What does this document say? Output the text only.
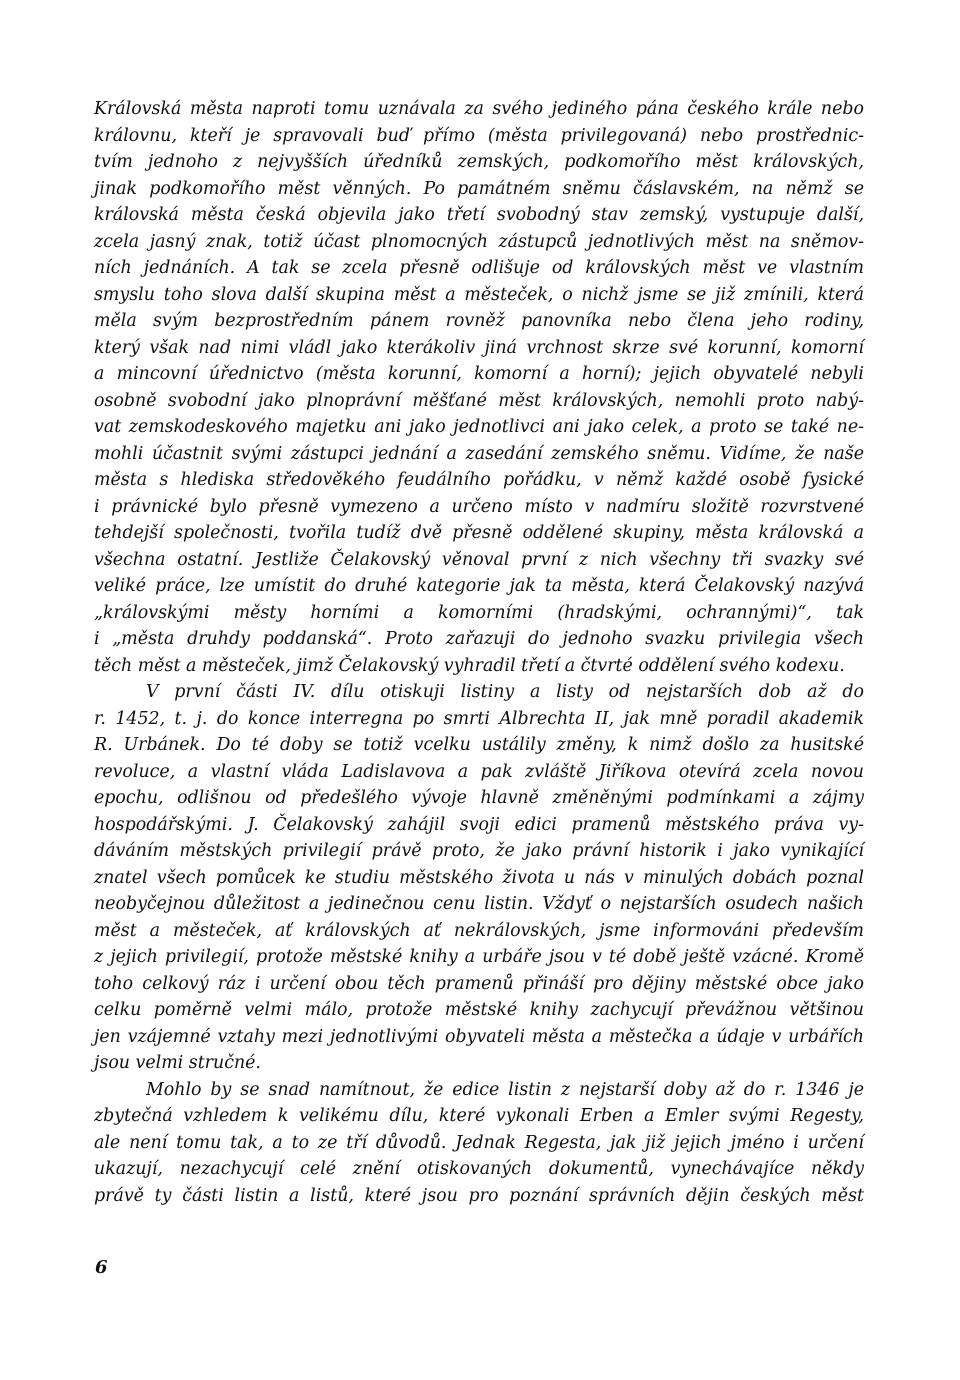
Královská města naproti tomu uznávala za svého jediného pána českého krále nebo
královnu, kteří je spravovali buď přímo (města privilegovaná) nebo prostřednic-
tvím jednoho z nejvyšších úředníků zemských, podkomořího měst královských,
jinak podkomořího měst věnných. Po památném sněmu čáslavském, na němž se
královská města česká objevila jako třetí svobodný stav zemský, vystupuje další,
zcela jasný znak, totiž účast plnomocných zástupců jednotlivých měst na sněmov-
ních jednáních. A tak se zcela přesně odlišuje od královských měst ve vlastním
smyslu toho slova další skupina měst a městeček, o nichž jsme se již zmínili, která
měla svým bezprostředním pánem rovněž panovníka nebo člena jeho rodiny,
který však nad nimi vládl jako kterákoliv jiná vrchnost skrze své korunní, komorní
a mincovní úřednictvo (města korunní, komorní a horní); jejich obyvatelé nebyli
osobně svobodní jako plnoprávní měšťané měst královských, nemohli proto nabý-
vat zemskodeskového majetku ani jako jednotlivci ani jako celek, a proto se také ne-
mohli účastnit svými zástupci jednání a zasedání zemského sněmu. Vidíme, že naše
města s hlediska středověkého feudálního pořádku, v němž každé osobě fysické
i právnické bylo přesně vymezeno a určeno místo v nadmíru složitě rozvrstvené
tehdejší společnosti, tvořila tudíž dvě přesně oddělené skupiny, města královská a
všechna ostatní. Jestliže Čelakovský věnoval první z nich všechny tři svazky své
veliké práce, lze umístit do druhé kategorie jak ta města, která Čelakovský nazývá
„královskými městy horními a komorními (hradskými, ochrannými)“, tak
i „města druhdy poddanská“. Proto zařazuji do jednoho svazku privilegia všech
těch měst a městeček, jimž Čelakovský vyhradil třetí a čtvrté oddělení svého kodexu.
V první části IV. dílu otiskuji listiny a listy od nejstarších dob až do
r. 1452, t. j. do konce interregna po smrti Albrechta II, jak mně poradil akademik
R. Urbánek. Do té doby se totiž vcelku ustálily změny, k nimž došlo za husitské
revoluce, a vlastní vláda Ladislavova a pak zvláště Jiříkova otevírá zcela novou
epochu, odlišnou od předešlého vývoje hlavně změněnými podmínkami a zájmy
hospodářskými. J. Čelakovský zahájil svoji edici pramenů městského práva vy-
dáváním městských privilegií právě proto, že jako právní historik i jako vynikající
znatel všech pomůcek ke studiu městského života u nás v minulých dobách poznal
neobyčejnou důležitost a jedinečnou cenu listin. Vždyť o nejstarších osudech našich
měst a městeček, ať královských ať nekrálovských, jsme informováni především
z jejich privilegií, protože městské knihy a urbáře jsou v té době ještě vzácné. Kromě
toho celkový ráz i určení obou těch pramenů přináší pro dějiny městské obce jako
celku poměrně velmi málo, protože městské knihy zachycují převážnou většinou
jen vzájemné vztahy mezi jednotlivými obyvateli města a městečka a údaje v urbářích
jsou velmi stručné.
Mohlo by se snad namítnout, že edice listin z nejstarší doby až do r. 1346 je
zbytečná vzhledem k velikému dílu, které vykonali Erben a Emler svými Regesty,
ale není tomu tak, a to ze tří důvodů. Jednak Regesta, jak již jejich jméno i určení
ukazují, nezachycují celé znění otiskovaných dokumentů, vynechávajíce někdy
právě ty části listin a listů, které jsou pro poznání správních dějin českých měst
6
